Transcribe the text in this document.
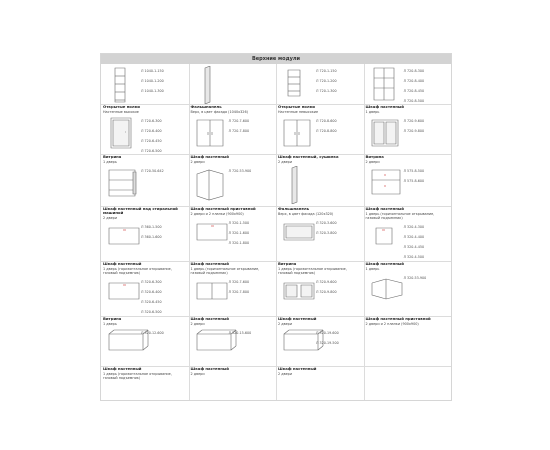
Верхние модули
Л 1040-1-150
Л 1040-1-200
Л 1040-1-300
Л 720-1-150
Л 720-1-200
Л 720-1-300
Л 720-8-300
Л 720-8-400
Л 720-8-450
Л 720-8-500
Открытые полки
Настенные высокие
Л 720-6-300
Л 720-6-400
Л 720-6-450
Л 720-6-500
Фальшпанель
Верх, в цвет фасада (1040х326)
Л 720-7-600
Л 720-7-800
Открытые полки
Настенные невысокие
Л 720-8-600
Л 720-8-800
Шкаф настенный
1 дверь
Л 720-9-600
Л 720-9-800
Витрина
1 дверь
Л 720-50-642
Шкаф настенный
2 двери
Л 720-53-900
Шкаф настенный, сушилка
2 двери
Витрина
2 двери
Л 575-8-500
Л 575-8-600
Шкаф настенный над стиральной машиной
2 двери
Л 360-1-500
Л 360-1-600
Шкаф настенный приставной
2 двери и 2 планки (900х900)
Л 320-1-500
Л 320-1-600
Л 320-1-800
Фальшпанель
Верх, в цвет фасада (120х320)
Л 320-3-600
Л 320-3-800
Шкаф настенный
1 дверь (горизонтальное открывание, газовый подъемник)
Л 320-4-300
Л 320-4-400
Л 320-4-450
Л 320-4-500
Шкаф настенный
1 дверь (горизонтальное открывание, газовый подъемник)
Л 320-6-300
Л 320-6-400
Л 320-6-450
Л 320-6-500
Шкаф настенный
1 дверь (горизонтальное открывание, газовый подъемник)
Л 320-7-600
Л 320-7-800
Витрина
1 дверь (горизонтальное открывание, газовый подъемник)
Л 320-9-600
Л 320-9-800
Шкаф настенный
1 дверь
Л 320-53-900
Витрина
1 дверь
Л 320-12-600
Шкаф настенный
2 двери
Л 320-15-600
Шкаф настенный
2 двери
Л 320-19-600
Л 320-19-500
Шкаф настенный приставной
2 двери и 2 планки (900х900)
Шкаф настенный
1 дверь (горизонтальное открывание, газовый подъемник)
Шкаф настенный
2 двери
Шкаф настенный
2 двери
